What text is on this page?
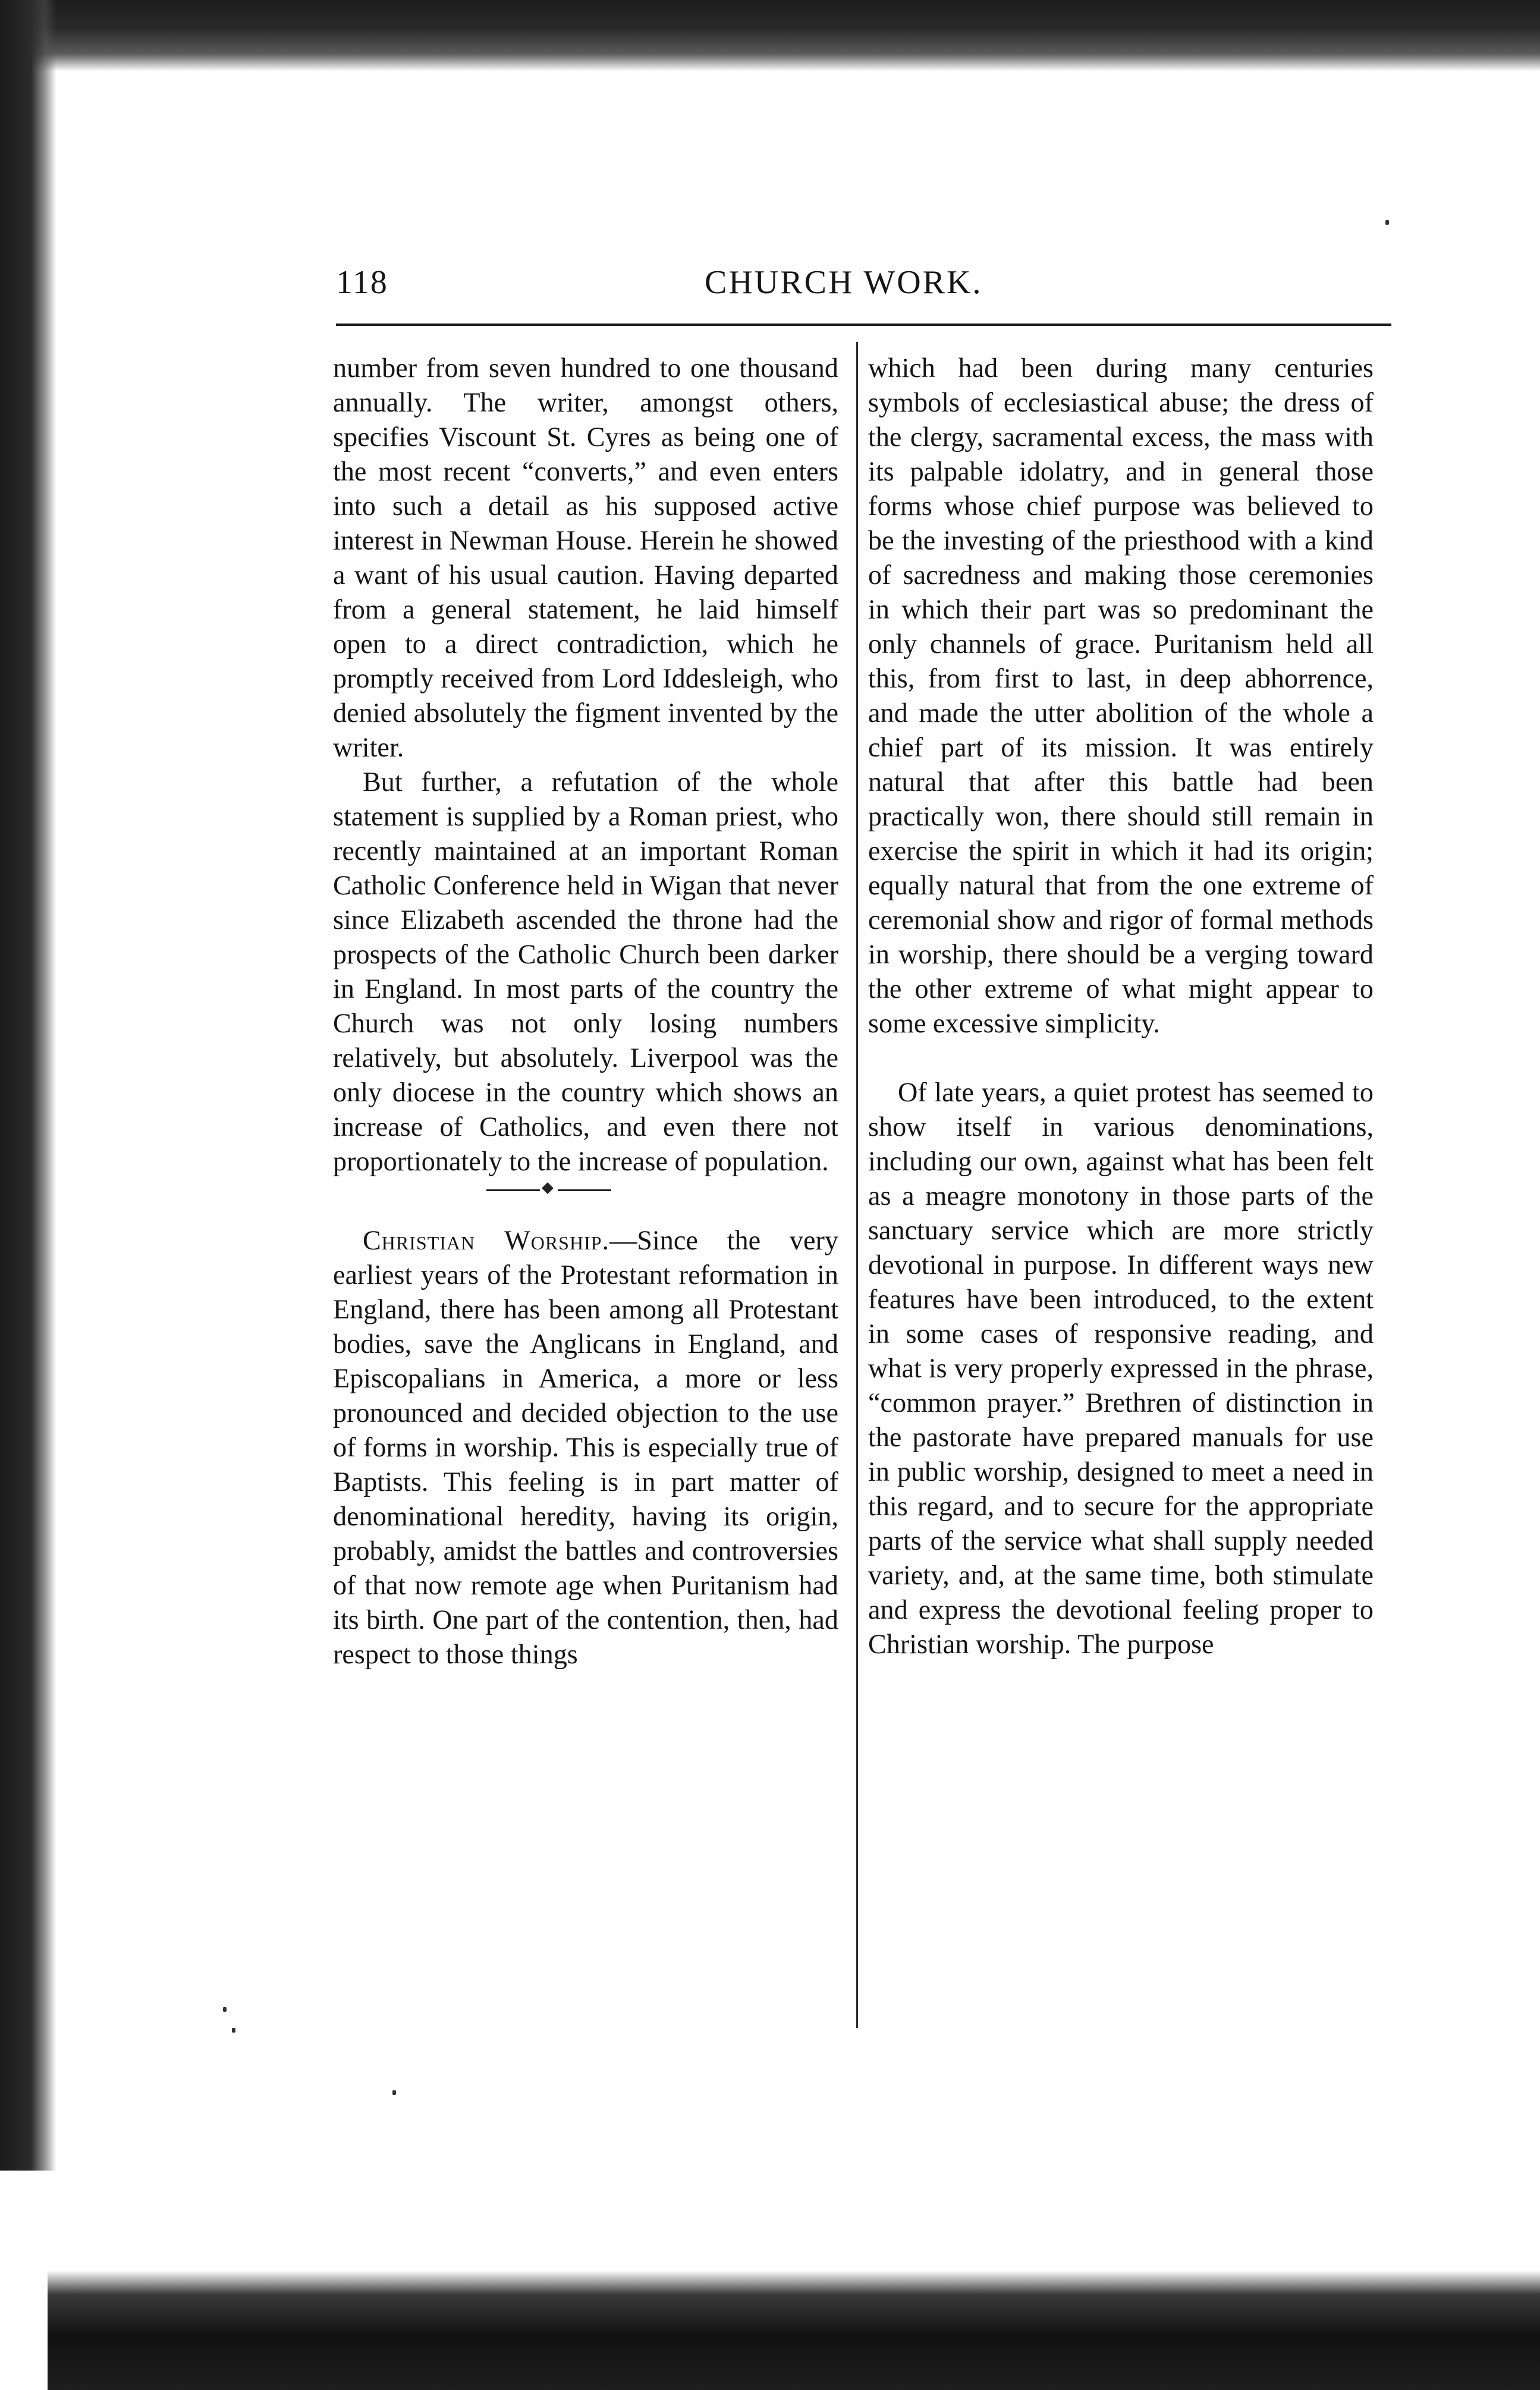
118	CHURCH WORK.

number from seven hundred to one thousand annually. The writer, amongst others, specifies Viscount St. Cyres as being one of the most recent “converts,” and even enters into such a detail as his supposed active interest in Newman House. Herein he showed a want of his usual caution. Having departed from a general statement, he laid himself open to a direct contradiction, which he promptly received from Lord Iddesleigh, who denied absolutely the figment invented by the writer.

But further, a refutation of the whole statement is supplied by a Roman priest, who recently maintained at an important Roman Catholic Conference held in Wigan that never since Elizabeth ascended the throne had the prospects of the Catholic Church been darker in England. In most parts of the country the Church was not only losing numbers relatively, but absolutely. Liverpool was the only diocese in the country which shows an increase of Catholics, and even there not proportionately to the increase of population.

Christian Worship.—Since the very earliest years of the Protestant reformation in England, there has been among all Protestant bodies, save the Anglicans in England, and Episcopalians in America, a more or less pronounced and decided objection to the use of forms in worship. This is especially true of Baptists. This feeling is in part matter of denominational heredity, having its origin, probably, amidst the battles and controversies of that now remote age when Puritanism had its birth. One part of the contention, then, had respect to those things

which had been during many centuries symbols of ecclesiastical abuse; the dress of the clergy, sacramental excess, the mass with its palpable idolatry, and in general those forms whose chief purpose was believed to be the investing of the priesthood with a kind of sacredness and making those ceremonies in which their part was so predominant the only channels of grace. Puritanism held all this, from first to last, in deep abhorrence, and made the utter abolition of the whole a chief part of its mission. It was entirely natural that after this battle had been practically won, there should still remain in exercise the spirit in which it had its origin; equally natural that from the one extreme of ceremonial show and rigor of formal methods in worship, there should be a verging toward the other extreme of what might appear to some excessive simplicity.

Of late years, a quiet protest has seemed to show itself in various denominations, including our own, against what has been felt as a meagre monotony in those parts of the sanctuary service which are more strictly devotional in purpose. In different ways new features have been introduced, to the extent in some cases of responsive reading, and what is very properly expressed in the phrase, “common prayer.” Brethren of distinction in the pastorate have prepared manuals for use in public worship, designed to meet a need in this regard, and to secure for the appropriate parts of the service what shall supply needed variety, and, at the same time, both stimulate and express the devotional feeling proper to Christian worship. The purpose
